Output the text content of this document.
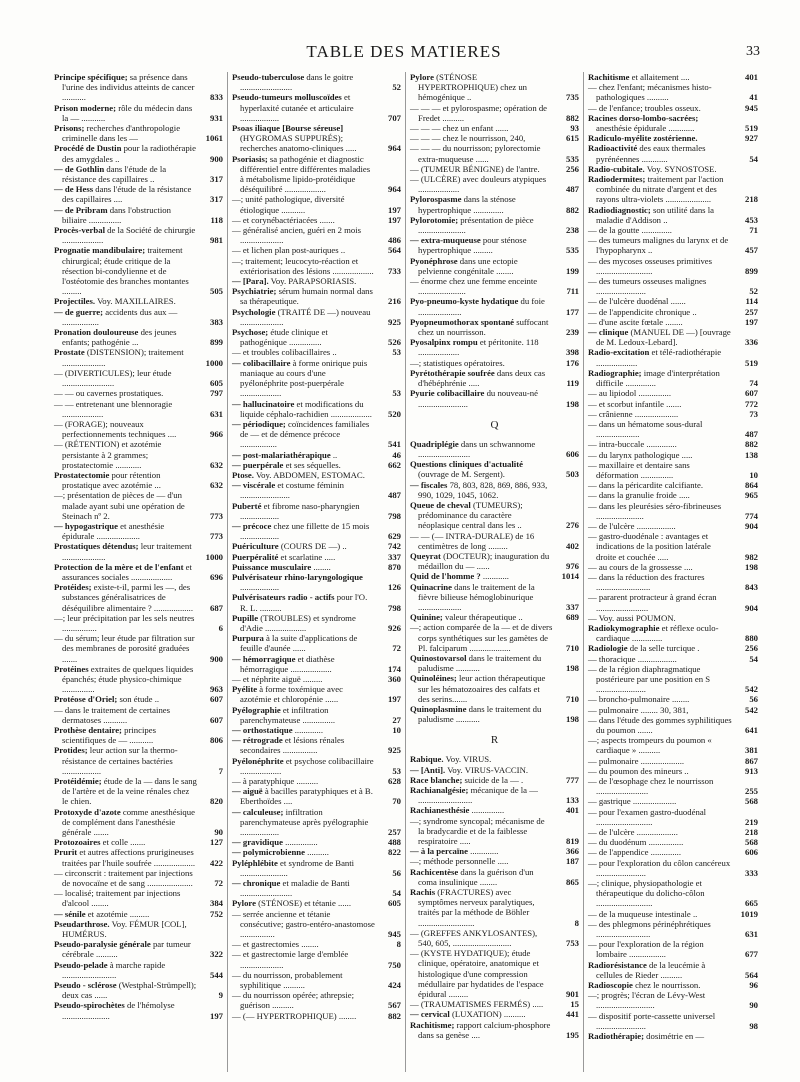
TABLE DES MATIERES	33

Principe spécifique; sa présence dans l'urine des individus atteints de cancer ...........	833

Prison moderne; rôle du médecin dans la — ...........	931

Prisons; recherches d'anthropologie criminelle dans les —	1061

Procédé de Dustin pour la radiothérapie des amygdales ..	900

— de Gothlin dans l'étude de la résistance des capillaires ..	317

— de Hess dans l'étude de la résistance des capillaires ....	317

— de Pribram dans l'obstruction biliaire ...............	118

Procès-verbal de la Société de chirurgie ...................	981

Prognatie mandibulaire; traitement chirurgical; étude critique de la résection bi-condylienne et de l'ostéotomie des branches montantes .........	505

Projectiles. Voy. MAXILLAIRES.

— de guerre; accidents dus aux — .................	383

Pronation douloureuse des jeunes enfants; pathogénie ...	899

Prostate (DISTENSION); traitement ....................	1000

— (DIVERTICULES); leur étude ........................	605

— — ou cavernes prostatiques.	797

— — entretenant une blennoragie ...................	631

— (FORAGE); nouveaux perfectionnements techniques ....	966

— (RÉTENTION) et azotémie persistante à 2 grammes; prostatectomie ............	632

Prostatectomie pour rétention prostatique avec azotémie ...	632

—; présentation de pièces de — d'un malade ayant subi une opération de Steinach nº 2.	773

— hypogastrique et anesthésie épidurale ....................	773

Prostatiques détendus; leur traitement ....................	1000

Protection de la mère et de l'enfant et assurances sociales ...................	696

Protéides; existe-t-il, parmi les —, des substances généralisatrices de déséquilibre alimentaire ? .................. 687

—; leur précipitation par les sels neutres ................	6

— du sérum; leur étude par filtration sur des membranes de porosité graduées .......	900

Protéines extraites de quelques liquides épanchés; étude physico-chimique ...............	963

Protéose d'Oriel; son étude ..	607

— dans le traitement de certaines dermatoses ...........	607

Prothèse dentaire; principes scientifiques de — ...........	806

Protides; leur action sur la thermo-résistance de certaines bactéries ..................	7

Protéidémie; étude de la — dans le sang de l'artère et de la veine rénales chez le chien.	820

Protoxyde d'azote comme anesthésique de complément dans l'anesthésie générale .......	90

Protozoaires et colle .......	127

Prurit et autres affections prurigineuses traitées par l'huile soufrée ................... 422

— circonscrit : traitement par injections de novocaïne et de sang ..................... 72

— localisé; traitement par injections d'alcool ........	384

— sénile et azotémie .........	752

Pseudarthrose. Voy. FÉMUR [COL], HUMÉRUS.

Pseudo-paralysie générale par tumeur cérébrale ..........	322

Pseudo-pelade à marche rapide .........................	544

Pseudo - sclérose (Westphal-Strümpell); deux cas ......	9

Pseudo-spirochètes de l'hémolyse ......................	197

Pseudo-tuberculose dans le goitre ........................	52

Pseudo-tumeurs molluscoïdes et hyperlaxité cutanée et articulaire ..................	707

Psoas iliaque [Bourse séreuse] (HYGROMAS SUPPURÉS); recherches anatomo-cliniques .....	964

Psoriasis; sa pathogénie et diagnostic différentiel entre différentes maladies à métabolisme lipido-protéidique déséquilibré ...................	964

—; unité pathologique, diversité étiologique ...........	197

— et corynébactériacées .......	197

— généralisé ancien, guéri en 2 mois ....................	486

— et lichen plan post-auriques ..	564

—; traitement; leucocyto-réaction et extériorisation des lésions ................... 733

— [Para]. Voy. PARAPSORIASIS.

Psychiatrie; sérum humain normal dans sa thérapeutique.	216

Psychologie (TRAITÉ DE —) nouveau ....................	925

Psychose; étude clinique et pathogénique ...............	526

— et troubles colibacillaires ..	53

— colibacillaire à forme onirique puis maniaque au cours d'une pyélonéphrite post-puerpérale ...................	53

— hallucinatoire et modifications du liquide céphalo-rachidien ................... 520

— périodique; coïncidences familiales de — et de démence précoce .................	541

— post-malariathérapique ..	46

— puerpérale et ses séquelles.	662

Ptose. Voy. ABDOMEN, ESTOMAC.

— viscérale et costume féminin .......................	487

Puberté et fibrome naso-pharyngien ..................	798

— précoce chez une fillette de 15 mois ..................	629

Puériculture (COURS DE —) ..	742

Puerpéralité et scarlatine .....	337

Puissance musculaire ........	870

Pulvérisateur rhino-laryngologique ..................	126

Pulvérisateurs radio - actifs pour l'O. R. L. ..........	798

Pupille (TROUBLES) et syndrome d'Adie ...................	926

Purpura à la suite d'applications de feuille d'aunée ......	72

— hémorragique et diathèse hémorragique ...................	174

— et néphrite aiguë .........	360

Pyélite à forme toxémique avec azotémie et chloropénie ......	197

Pyélographie et infiltration parenchymateuse ...............	27

— orthostatique .............	10

— rétrograde et lésions rénales secondaires ................	925

Pyélonéphrite et psychose colibacillaire ...................	53

— à paratyphique ..........	628

— aiguë à bacilles paratyphiques et à B. Eberthoïdes ....	70

— calculeuse; infiltration parenchymateuse après pyélographie ..................	257

— gravidique ...............	488

— polymicrobienne ..........	822

Pyléphlébite et syndrome de Banti ......................	56

— chronique et maladie de Banti ........................	54

Pylore (STÉNOSE) et tétanie ......	605

— serrée ancienne et tétanie consécutive; gastro-entéro-anastomose ................	945

— et gastrectomies ........	8

— et gastrectomie large d'emblée ....................	750

— du nourrisson, probablement syphilitique ..........	424

— du nourrisson opérée; athrepsie; guérison ..........	567

— (— HYPERTROPHIQUE) ........	882

Pylore (STÉNOSE HYPERTROPHIQUE) chez un hémogénique ..	735

— — — et pylorospasme; opération de Fredet ..........	882

— — — chez un enfant ......	93

— — — chez le nourrisson, 240,	615

— — — du nourrisson; pylorectomie extra-muqueuse ......	535

— (TUMEUR BÉNIGNE) de l'antre.	256

— (ULCÈRE) avec douleurs atypiques ...................	487

Pylorospasme dans la sténose hypertrophique ..............	882

Pylorotomie; présentation de pièce ......................	238

— extra-muqueuse pour sténose hypertrophique .........	535

Pyonéphrose dans une ectopie pelvienne congénitale ........	199

— énorme chez une femme enceinte ......................	711

Pyo-pneumo-kyste hydatique du foie ....................	177

Pyopneumothorax spontané suffocant chez un nourrisson.	239

Pyosalpinx rompu et péritonite. 118 ...................	398

—; statistiques opératoires.	176

Pyrétothérapie soufrée dans deux cas d'hébéphrénie .....	119

Pyurie colibacillaire du nouveau-né .......................	198

Q

Quadriplégie dans un schwannome ........................	606

Questions cliniques d'actualité (ouvrage de M. Sergent).	503

— fiscales 78, 803, 828, 869, 886, 933, 990, 1029, 1045, 1062.

Queue de cheval (TUMEURS); prédominance du caractère néoplasique central dans les ..	276

— — (— INTRA-DURALE) de 16 centimètres de long .........	402

Queyrat (DOCTEUR); inauguration du médaillon du — ......	976

Quid de l'homme ? ............	1014

Quinacrine dans le traitement de la fièvre bilieuse hémoglobinurique ....................	337

Quinine; valeur thérapeutique ..	689

—; action comparée de la — et de divers corps synthétiques sur les gamètes de Pl. falciparum ...................	710

Quinostovarsol dans le traitement du paludisme ...........	198

Quinoléines; leur action thérapeutique sur les hématozoaires des calfats et des serins.......	710

Quinoplasmine dans le traitement du paludisme ...........	198

R

Rabique. Voy. VIRUS.

— [Anti]. Voy. VIRUS-VACCIN.

Race blanche; suicide de la — .	777

Rachianalgésie; mécanique de la — .........................	133

Rachianesthésie ...............	401

—; syndrome syncopal; mécanisme de la bradycardie et de la faiblesse respiratoire .....	819

— à la percaïne .............	366

—; méthode personnelle .....	187

Rachicentèse dans la guérison d'un coma insulinique ........	865

Rachis (FRACTURES) avec symptômes nerveux paralytiques, traités par la méthode de Böhler ..........................	8

— (GREFFES ANKYLOSANTES), 540, 605, ...........................	753

— (KYSTE HYDATIQUE); étude clinique, opératoire, anatomique et histologique d'une compression médullaire par hydatides de l'espace épidural .........	901

— (TRAUMATISMES FERMÉS) .....	15

— cervical (LUXATION) ..........	441

Rachitisme; rapport calcium-phosphore dans sa genèse ....	195

Rachitisme et allaitement ....	401

— chez l'enfant; mécanismes histo-pathologiques ..........	41

— de l'enfance; troubles osseux.	945

Racines dorso-lombo-sacrées; anesthésie épidurale ............	519

Radiculo-myélite zostérienne.	927

Radioactivité des eaux thermales pyrénéennes ............	54

Radio-cubitale. Voy. SYNOSTOSE.

Radiodermites; traitement par l'action combinée du nitrate d'argent et des rayons ultra-violets .....................	218

Radiodiagnostic; son utilité dans la maladie d'Addison ..	453

— de la goutte ..............	71

— des tumeurs malignes du larynx et de l'hypopharynx ..	457

— des mycoses osseuses primitives ..........................	899

— des tumeurs osseuses malignes .......................	52

— de l'ulcère duodénal .......	114

— de l'appendicite chronique ..	257

— d'une ascite fœtale ........	197

— clinique (MANUEL DE —) [ouvrage de M. Ledoux-Lebard].	336

Radio-excitation et télé-radiothérapie ...................	519

Radiographie; image d'interprétation difficile ..............	74

— au lipiodol ...............	607

— et scorbut infantile .......	772

— crânienne ....................	73

— dans un hématome sous-dural ....................	487

— intra-buccale ..............	882

— du larynx pathologique .....	138

— maxillaire et dentaire sans déformation ...............	10

— dans la péricardite calcifiante.	864

— dans la granulie froide .....	965

— dans les pleurésies séro-fibrineuses ......................	774

— de l'ulcère ..................	904

— gastro-duodénale : avantages et indications de la position latérale droite et couchée .....	982

— au cours de la grossesse ....	198

— dans la réduction des fractures .........................	843

— pararent protracteur à grand écran ........................	904

— Voy. aussi POUMON.

Radiokymographie et réflexe oculo-cardiaque ..............	880

Radiologie de la selle turcique .	256

— thoracique ..................	54

— de la région diaphragmatique postérieure par une position en S .......................	542

— broncho-pulmonaire ........	56

— pulmonaire ........ 30, 381,	542

— dans l'étude des gommes syphilitiques du poumon .......	641

—; aspects trompeurs du poumon « cardiaque » ..........	381

— pulmonaire ....................	867

— du poumon des mineurs ..	913

— de l'œsophage chez le nourrisson ........................	255

— gastrique ....................	568

— pour l'examen gastro-duodénal ..........................	219

— de l'ulcère ...................	218

— du duodénum ................	568

— de l'appendice ..............	606

— pour l'exploration du côlon cancéreux .......................	333

—; clinique, physiopathologie et thérapeutique du dolicho-côlon ..........................	665

— de la muqueuse intestinale ..	1019

— des phlegmons périnéphrétiques .........................	631

— pour l'exploration de la région lombaire .................	677

Radiorésistance de la leucémie à cellules de Rieder ..........	564

Radioscopie chez le nourrisson.	96

—; progrès; l'écran de Lévy-West ...........................	90

— dispositif porte-cassette universel .......................	98

Radiothérapie; dosimétrie en —
